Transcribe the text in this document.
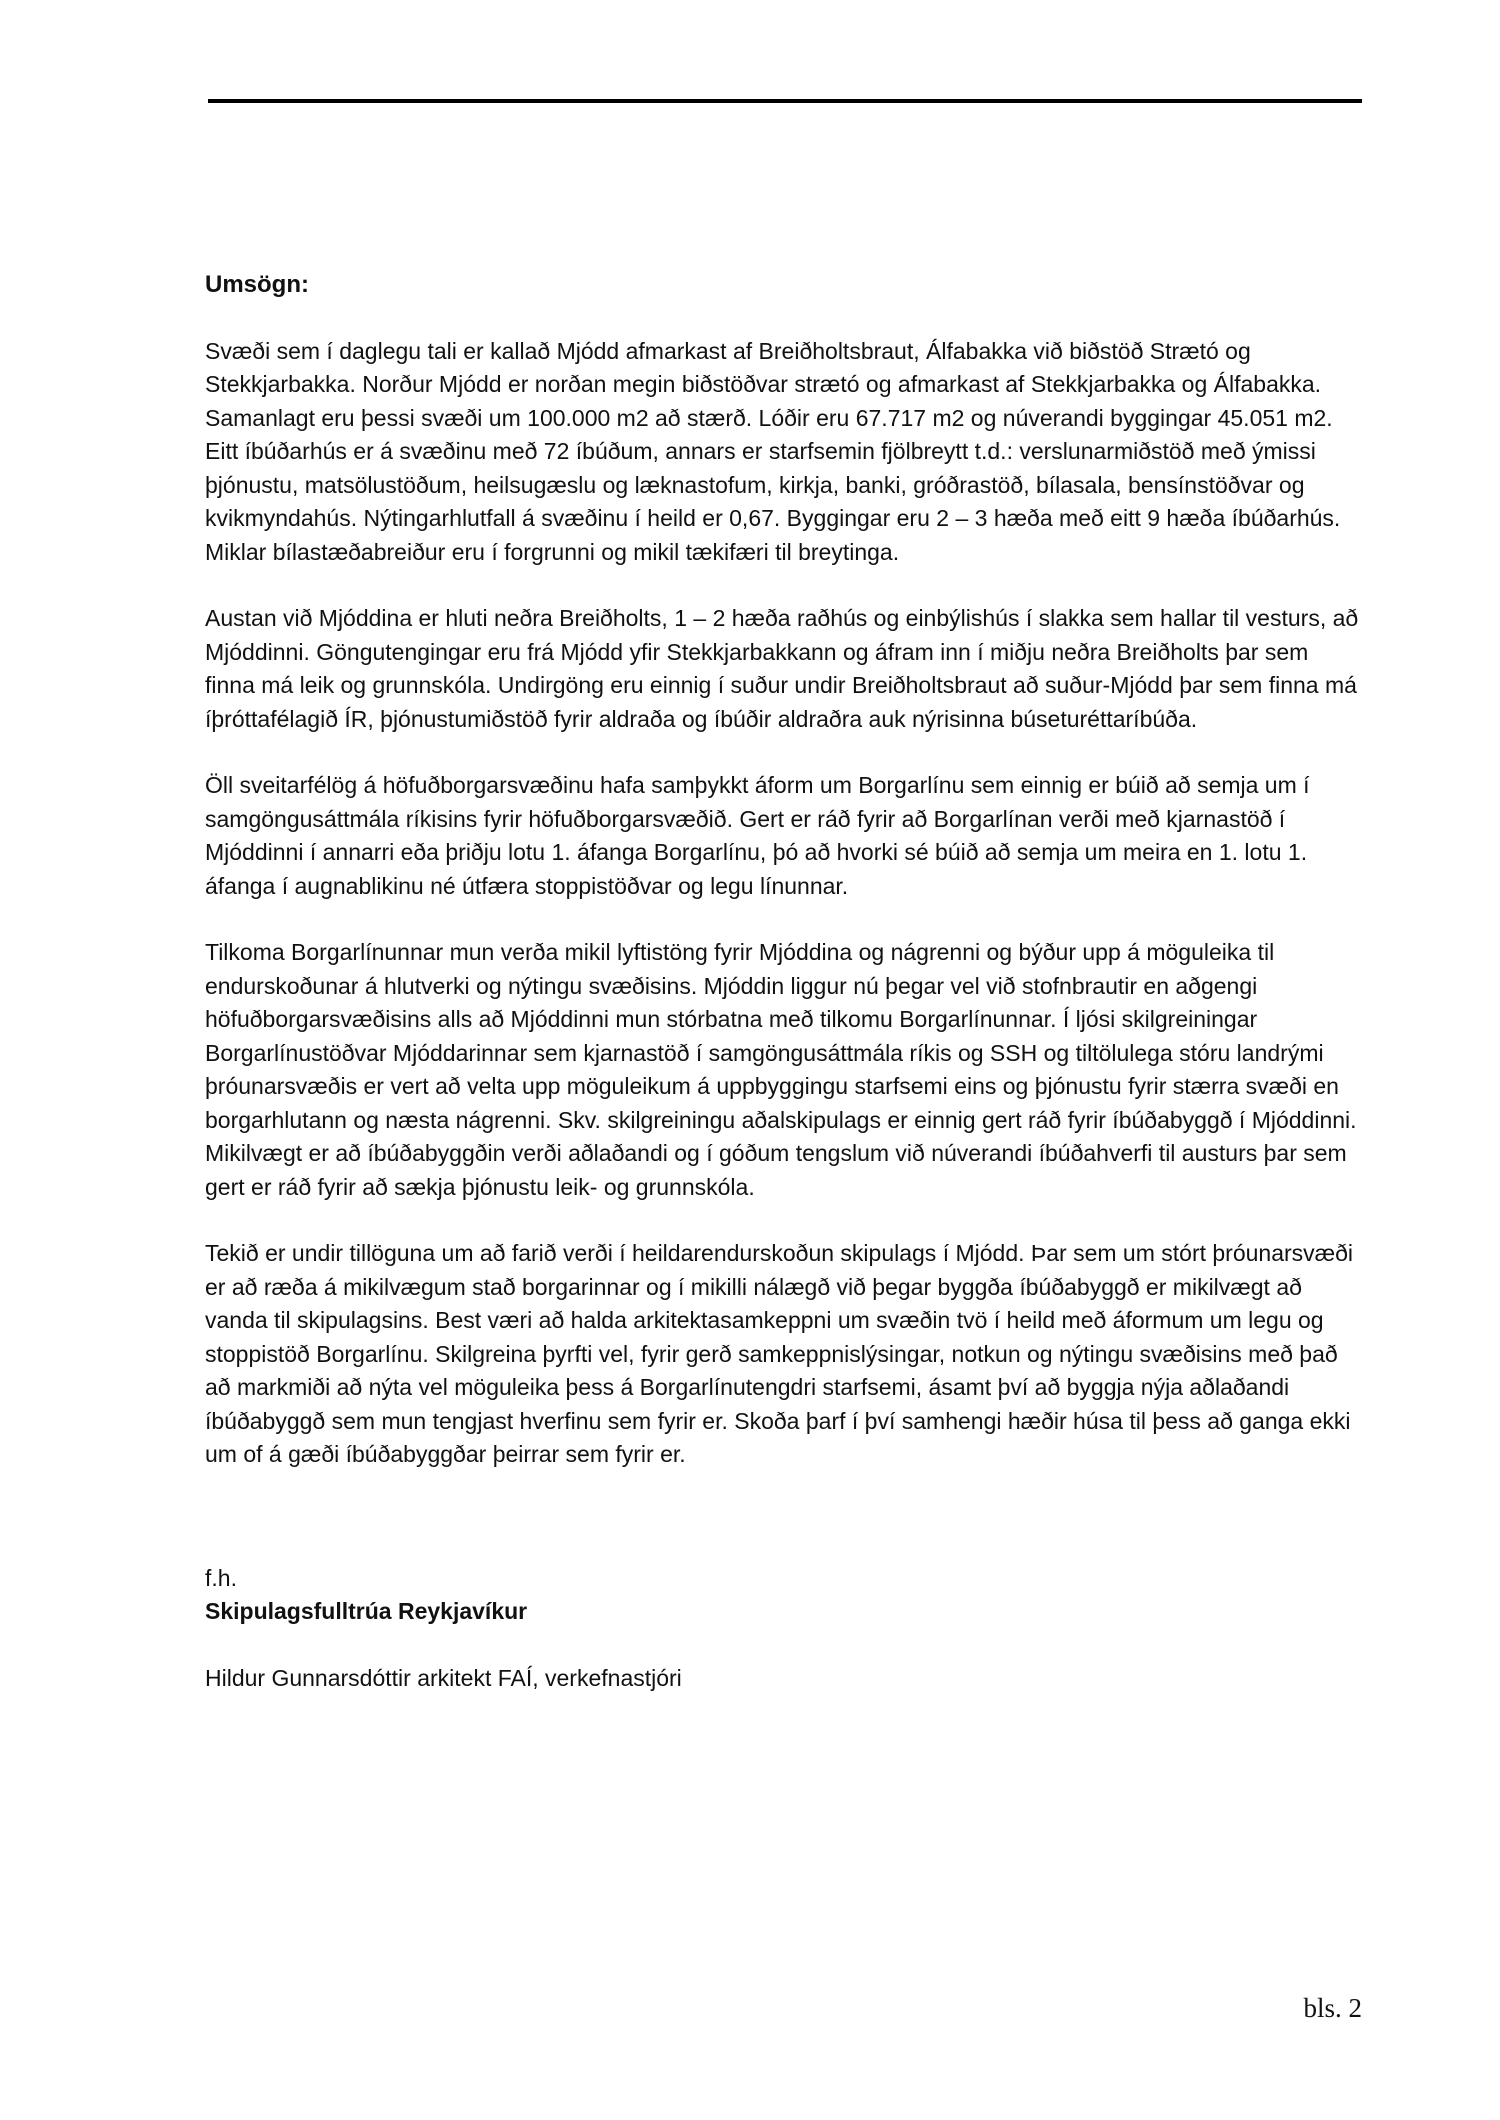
Umsögn:

Svæði sem í daglegu tali er kallað Mjódd afmarkast af Breiðholtsbraut, Álfabakka við biðstöð Strætó og Stekkjarbakka. Norður Mjódd er norðan megin biðstöðvar strætó og afmarkast af Stekkjarbakka og Álfabakka. Samanlagt eru þessi svæði um 100.000 m2 að stærð. Lóðir eru 67.717 m2 og núverandi byggingar 45.051 m2. Eitt íbúðarhús er á svæðinu með 72 íbúðum, annars er starfsemin fjölbreytt t.d.: verslunarmiðstöð með ýmissi þjónustu, matsölustöðum, heilsugæslu og læknastofum, kirkja, banki, gróðrastöð, bílasala, bensínstöðvar og kvikmyndahús. Nýtingarhlutfall á svæðinu í heild er 0,67. Byggingar eru 2 – 3 hæða með eitt 9 hæða íbúðarhús. Miklar bílastæðabreiður eru í forgrunni og mikil tækifæri til breytinga.

Austan við Mjóddina er hluti neðra Breiðholts, 1 – 2 hæða raðhús og einbýlishús í slakka sem hallar til vesturs, að Mjóddinni. Göngutengingar eru frá Mjódd yfir Stekkjarbakkann og áfram inn í miðju neðra Breiðholts þar sem finna má leik og grunnskóla. Undirgöng eru einnig í suður undir Breiðholtsbraut að suður-Mjódd þar sem finna má íþróttafélagið ÍR, þjónustumiðstöð fyrir aldraða og íbúðir aldraðra auk nýrisinna búseturéttaríbúða.

Öll sveitarfélög á höfuðborgarsvæðinu hafa samþykkt áform um Borgarlínu sem einnig er búið að semja um í samgöngusáttmála ríkisins fyrir höfuðborgarsvæðið. Gert er ráð fyrir að Borgarlínan verði með kjarnastöð í Mjóddinni í annarri eða þriðju lotu 1. áfanga Borgarlínu, þó að hvorki sé búið að semja um meira en 1. lotu 1. áfanga í augnablikinu né útfæra stoppistöðvar og legu línunnar.

Tilkoma Borgarlínunnar mun verða mikil lyftistöng fyrir Mjóddina og nágrenni og býður upp á möguleika til endurskoðunar á hlutverki og nýtingu svæðisins. Mjóddin liggur nú þegar vel við stofnbrautir en aðgengi höfuðborgarsvæðisins alls að Mjóddinni mun stórbatna með tilkomu Borgarlínunnar. Í ljósi skilgreiningar Borgarlínustöðvar Mjóddarinnar sem kjarnastöð í samgöngusáttmála ríkis og SSH og tiltölulega stóru landrými þróunarsvæðis er vert að velta upp möguleikum á uppbyggingu starfsemi eins og þjónustu fyrir stærra svæði en borgarhlutann og næsta nágrenni. Skv. skilgreiningu aðalskipulags er einnig gert ráð fyrir íbúðabyggð í Mjóddinni. Mikilvægt er að íbúðabyggðin verði aðlaðandi og í góðum tengslum við núverandi íbúðahverfi til austurs þar sem gert er ráð fyrir að sækja þjónustu leik- og grunnskóla.

Tekið er undir tillöguna um að farið verði í heildarendurskoðun skipulags í Mjódd. Þar sem um stórt þróunarsvæði er að ræða á mikilvægum stað borgarinnar og í mikilli nálægð við þegar byggða íbúðabyggð er mikilvægt að vanda til skipulagsins. Best væri að halda arkitektasamkeppni um svæðin tvö í heild með áformum um legu og stoppistöð Borgarlínu. Skilgreina þyrfti vel, fyrir gerð samkeppnislýsingar, notkun og nýtingu svæðisins með það að markmiði að nýta vel möguleika þess á Borgarlínutengdri starfsemi, ásamt því að byggja nýja aðlaðandi íbúðabyggð sem mun tengjast hverfinu sem fyrir er. Skoða þarf í því samhengi hæðir húsa til þess að ganga ekki um of á gæði íbúðabyggðar þeirrar sem fyrir er.

f.h.

Skipulagsfulltrúa Reykjavíkur

Hildur Gunnarsdóttir arkitekt FAÍ, verkefnastjóri

bls. 2
